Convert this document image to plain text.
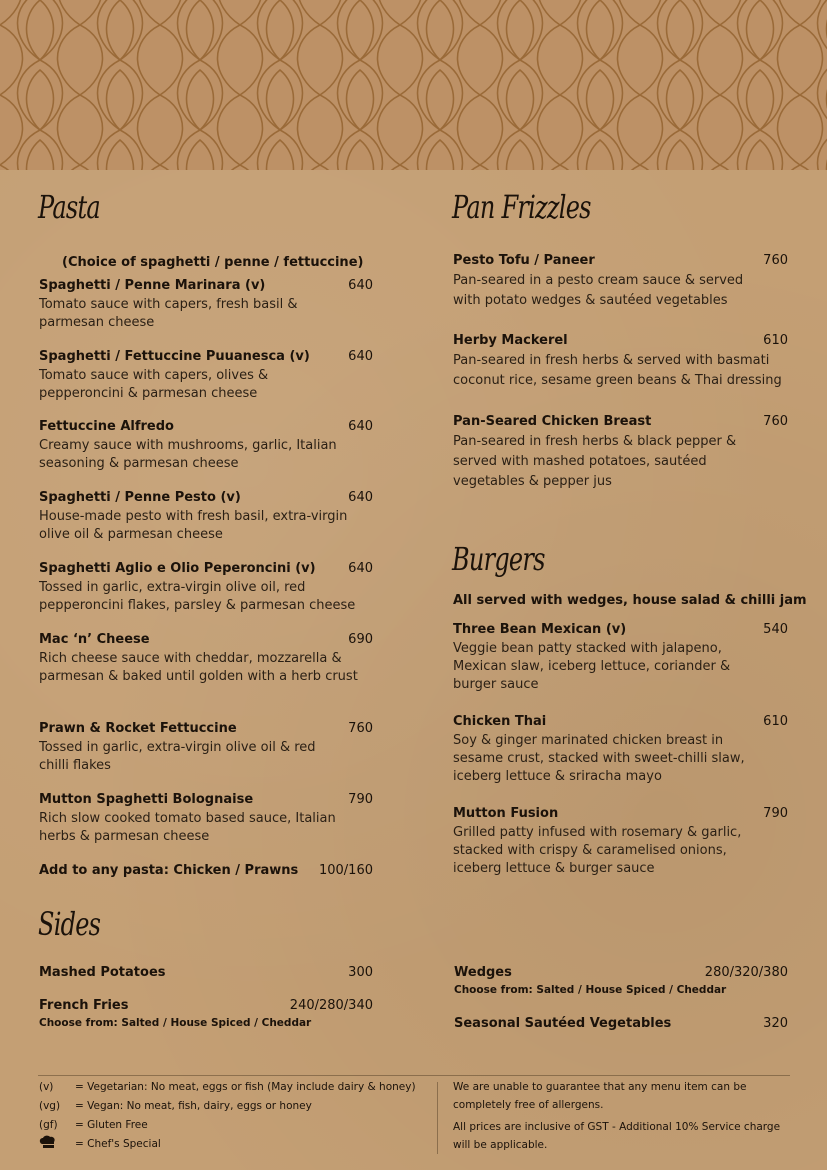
Pasta
(Choice of spaghetti / penne / fettuccine)
Spaghetti / Penne Marinara (v)	640
Tomato sauce with capers, fresh basil & parmesan cheese
Spaghetti / Fettuccine Puuanesca (v)	640
Tomato sauce with capers, olives & pepperoncini & parmesan cheese
Fettuccine Alfredo	640
Creamy sauce with mushrooms, garlic, Italian seasoning & parmesan cheese
Spaghetti / Penne Pesto (v)	640
House-made pesto with fresh basil, extra-virgin olive oil & parmesan cheese
Spaghetti Aglio e Olio Peperoncini (v)	640
Tossed in garlic, extra-virgin olive oil, red pepperoncini flakes, parsley & parmesan cheese
Mac ‘n’ Cheese	690
Rich cheese sauce with cheddar, mozzarella & parmesan & baked until golden with a herb crust
Prawn & Rocket Fettuccine	760
Tossed in garlic, extra-virgin olive oil & red chilli flakes
Mutton Spaghetti Bolognaise	790
Rich slow cooked tomato based sauce, Italian herbs & parmesan cheese
Add to any pasta: Chicken / Prawns	100/160
Pan Frizzles
Pesto Tofu / Paneer	760
Pan-seared in a pesto cream sauce & served with potato wedges & sautéed vegetables
Herby Mackerel	610
Pan-seared in fresh herbs & served with basmati coconut rice, sesame green beans & Thai dressing
Pan-Seared Chicken Breast	760
Pan-seared in fresh herbs & black pepper & served with mashed potatoes, sautéed vegetables & pepper jus
Burgers
All served with wedges, house salad & chilli jam
Three Bean Mexican (v)	540
Veggie bean patty stacked with jalapeno, Mexican slaw, iceberg lettuce, coriander & burger sauce
Chicken Thai	610
Soy & ginger marinated chicken breast in sesame crust, stacked with sweet-chilli slaw, iceberg lettuce & sriracha mayo
Mutton Fusion	790
Grilled patty infused with rosemary & garlic, stacked with crispy & caramelised onions, iceberg lettuce & burger sauce
Sides
Mashed Potatoes	300
French Fries	240/280/340
Choose from: Salted / House Spiced / Cheddar
Wedges	280/320/380
Choose from: Salted / House Spiced / Cheddar
Seasonal Sautéed Vegetables	320
(v) = Vegetarian: No meat, eggs or fish (May include dairy & honey)
(vg) = Vegan: No meat, fish, dairy, eggs or honey
(gf) = Gluten Free
= Chef's Special
We are unable to guarantee that any menu item can be completely free of allergens.
All prices are inclusive of GST - Additional 10% Service charge will be applicable.
